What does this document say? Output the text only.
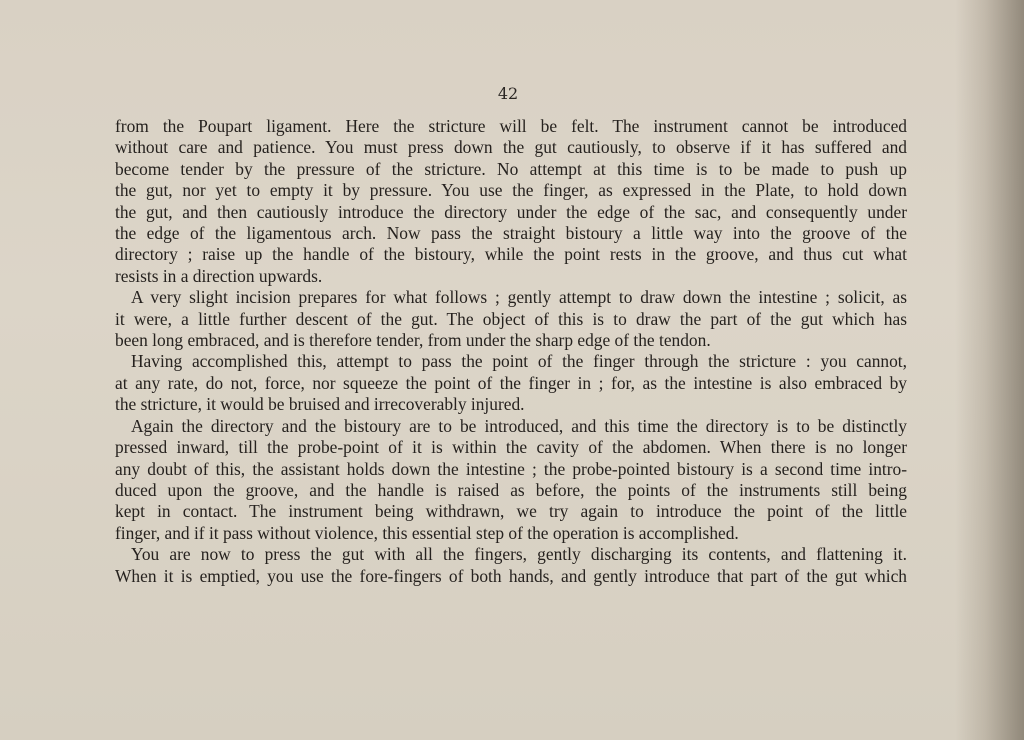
42
from the Poupart ligament. Here the stricture will be felt. The instrument cannot be introduced
without care and patience. You must press down the gut cautiously, to observe if it has suffered and
become tender by the pressure of the stricture. No attempt at this time is to be made to push up
the gut, nor yet to empty it by pressure. You use the finger, as expressed in the Plate, to hold down
the gut, and then cautiously introduce the directory under the edge of the sac, and consequently under
the edge of the ligamentous arch. Now pass the straight bistoury a little way into the groove of the
directory ; raise up the handle of the bistoury, while the point rests in the groove, and thus cut what
resists in a direction upwards.
A very slight incision prepares for what follows ; gently attempt to draw down the intestine ; solicit, as
it were, a little further descent of the gut. The object of this is to draw the part of the gut which has
been long embraced, and is therefore tender, from under the sharp edge of the tendon.
Having accomplished this, attempt to pass the point of the finger through the stricture : you cannot,
at any rate, do not, force, nor squeeze the point of the finger in ; for, as the intestine is also embraced by
the stricture, it would be bruised and irrecoverably injured.
Again the directory and the bistoury are to be introduced, and this time the directory is to be distinctly
pressed inward, till the probe-point of it is within the cavity of the abdomen. When there is no longer
any doubt of this, the assistant holds down the intestine ; the probe-pointed bistoury is a second time intro-
duced upon the groove, and the handle is raised as before, the points of the instruments still being
kept in contact. The instrument being withdrawn, we try again to introduce the point of the little
finger, and if it pass without violence, this essential step of the operation is accomplished.
You are now to press the gut with all the fingers, gently discharging its contents, and flattening it.
When it is emptied, you use the fore-fingers of both hands, and gently introduce that part of the gut which
